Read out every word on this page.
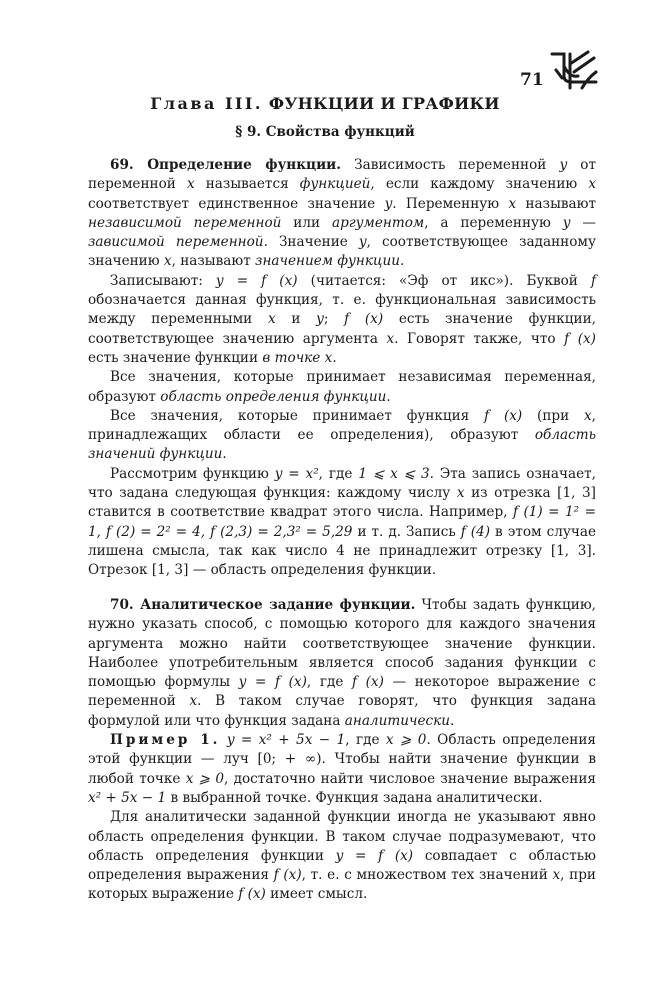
71
Глава III. ФУНКЦИИ И ГРАФИКИ
§ 9. Свойства функций

69. Определение функции. Зависимость переменной y от переменной x называется функцией, если каждому значению x соответствует единственное значение y. Переменную x называют независимой переменной или аргументом, а переменную y — зависимой переменной. Значение y, соответствующее заданному значению x, называют значением функции.

Записывают: y = f (x) (читается: «Эф от икс»). Буквой f обозначается данная функция, т. е. функциональная зависимость между переменными x и y; f (x) есть значение функции, соответствующее значению аргумента x. Говорят также, что f (x) есть значение функции в точке x.

Все значения, которые принимает независимая переменная, образуют область определения функции.

Все значения, которые принимает функция f (x) (при x, принадлежащих области ее определения), образуют область значений функции.

Рассмотрим функцию y = x², где 1 ⩽ x ⩽ 3. Эта запись означает, что задана следующая функция: каждому числу x из отрезка [1, 3] ставится в соответствие квадрат этого числа. Например, f (1) = 1² = 1, f (2) = 2² = 4, f (2,3) = 2,3² = 5,29 и т. д. Запись f (4) в этом случае лишена смысла, так как число 4 не принадлежит отрезку [1, 3]. Отрезок [1, 3] — область определения функции.

70. Аналитическое задание функции. Чтобы задать функцию, нужно указать способ, с помощью которого для каждого значения аргумента можно найти соответствующее значение функции. Наиболее употребительным является способ задания функции с помощью формулы y = f (x), где f (x) — некоторое выражение с переменной x. В таком случае говорят, что функция задана формулой или что функция задана аналитически.

Пример 1. y = x² + 5x − 1, где x ⩾ 0. Область определения этой функции — луч [0; + ∞). Чтобы найти значение функции в любой точке x ⩾ 0, достаточно найти числовое значение выражения x² + 5x − 1 в выбранной точке. Функция задана аналитически.

Для аналитически заданной функции иногда не указывают явно область определения функции. В таком случае подразумевают, что область определения функции y = f (x) совпадает с областью определения выражения f (x), т. е. с множеством тех значений x, при которых выражение f (x) имеет смысл.
